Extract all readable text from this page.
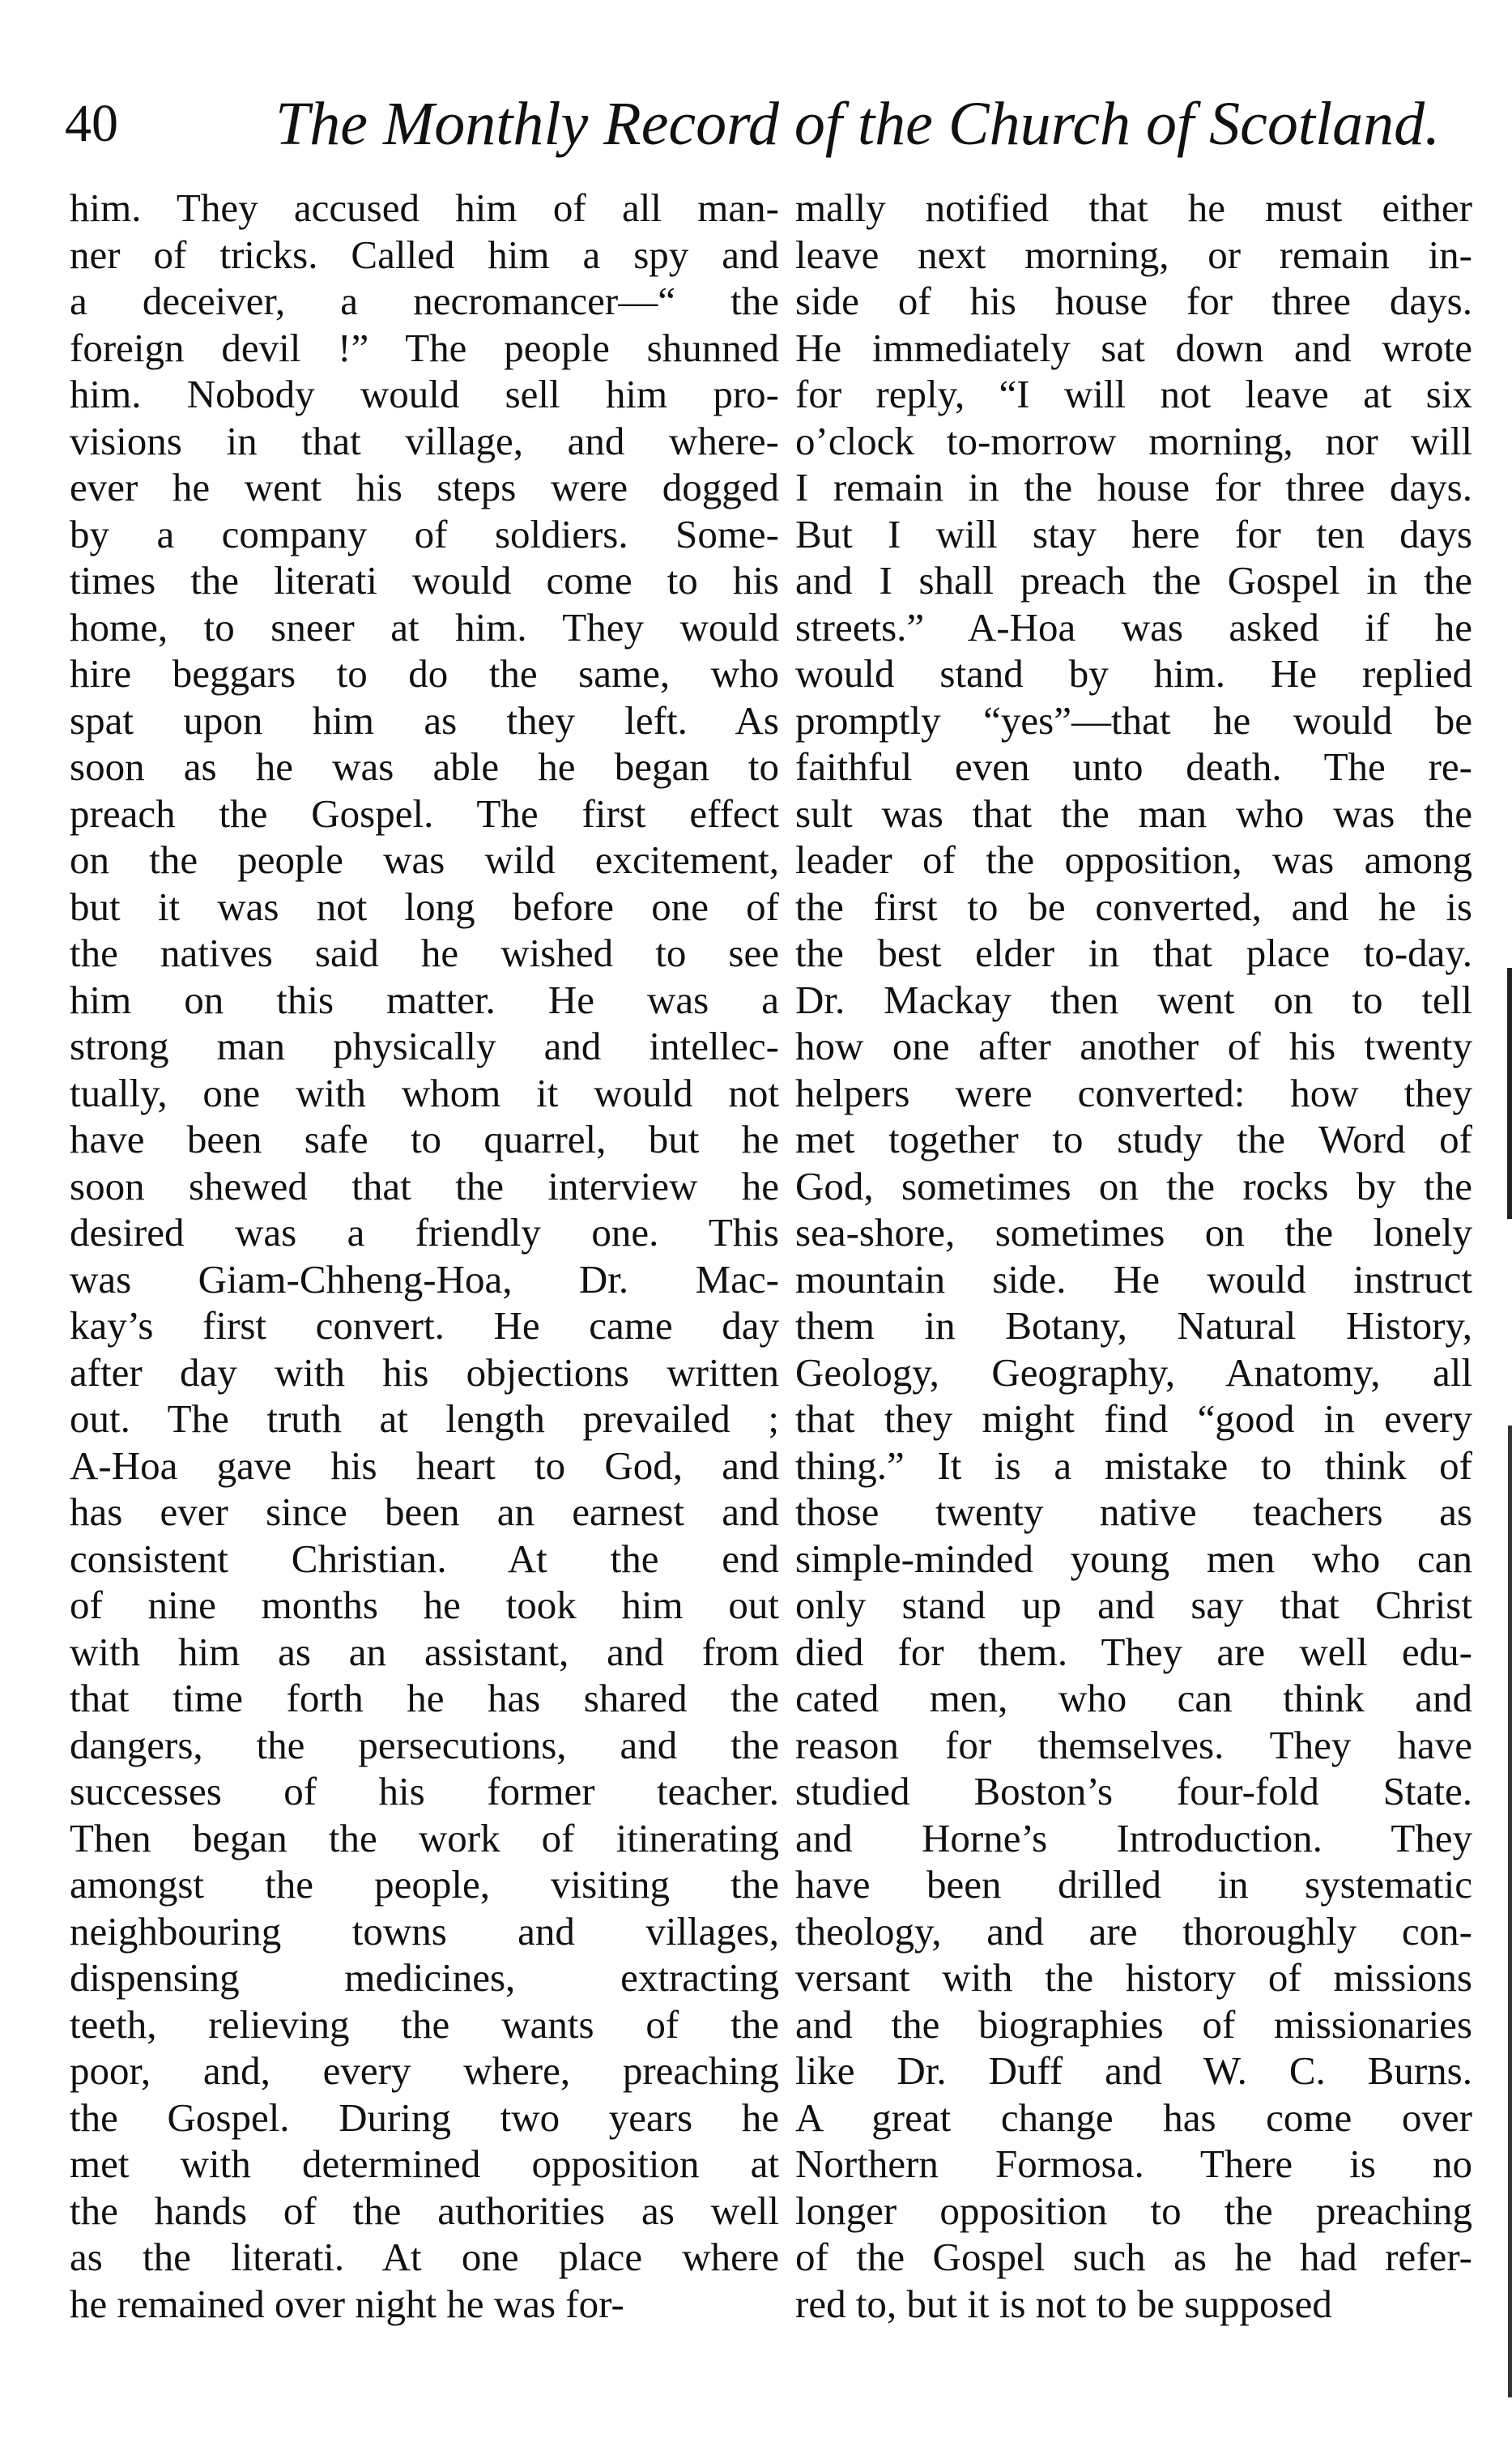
40	The Monthly Record of the Church of Scotland.
him. They accused him of all man-
ner of tricks. Called him a spy and
a deceiver, a necromancer—“ the
foreign devil !” The people shunned
him. Nobody would sell him pro-
visions in that village, and where-
ever he went his steps were dogged
by a company of soldiers. Some-
times the literati would come to his
home, to sneer at him. They would
hire beggars to do the same, who
spat upon him as they left. As
soon as he was able he began to
preach the Gospel. The first effect
on the people was wild excitement,
but it was not long before one of
the natives said he wished to see
him on this matter. He was a
strong man physically and intellec-
tually, one with whom it would not
have been safe to quarrel, but he
soon shewed that the interview he
desired was a friendly one. This
was Giam-Chheng-Hoa, Dr. Mac-
kay’s first convert. He came day
after day with his objections written
out. The truth at length prevailed ;
A-Hoa gave his heart to God, and
has ever since been an earnest and
consistent Christian. At the end
of nine months he took him out
with him as an assistant, and from
that time forth he has shared the
dangers, the persecutions, and the
successes of his former teacher.
Then began the work of itinerating
amongst the people, visiting the
neighbouring towns and villages,
dispensing medicines, extracting
teeth, relieving the wants of the
poor, and, every where, preaching
the Gospel. During two years he
met with determined opposition at
the hands of the authorities as well
as the literati. At one place where
he remained over night he was for-
mally notified that he must either
leave next morning, or remain in-
side of his house for three days.
He immediately sat down and wrote
for reply, “I will not leave at six
o’clock to-morrow morning, nor will
I remain in the house for three days.
But I will stay here for ten days
and I shall preach the Gospel in the
streets.” A-Hoa was asked if he
would stand by him. He replied
promptly “yes”—that he would be
faithful even unto death. The re-
sult was that the man who was the
leader of the opposition, was among
the first to be converted, and he is
the best elder in that place to-day.
Dr. Mackay then went on to tell
how one after another of his twenty
helpers were converted: how they
met together to study the Word of
God, sometimes on the rocks by the
sea-shore, sometimes on the lonely
mountain side. He would instruct
them in Botany, Natural History,
Geology, Geography, Anatomy, all
that they might find “good in every
thing.” It is a mistake to think of
those twenty native teachers as
simple-minded young men who can
only stand up and say that Christ
died for them. They are well edu-
cated men, who can think and
reason for themselves. They have
studied Boston’s four-fold State.
and Horne’s Introduction. They
have been drilled in systematic
theology, and are thoroughly con-
versant with the history of missions
and the biographies of missionaries
like Dr. Duff and W. C. Burns.
A great change has come over
Northern Formosa. There is no
longer opposition to the preaching
of the Gospel such as he had refer-
red to, but it is not to be supposed
